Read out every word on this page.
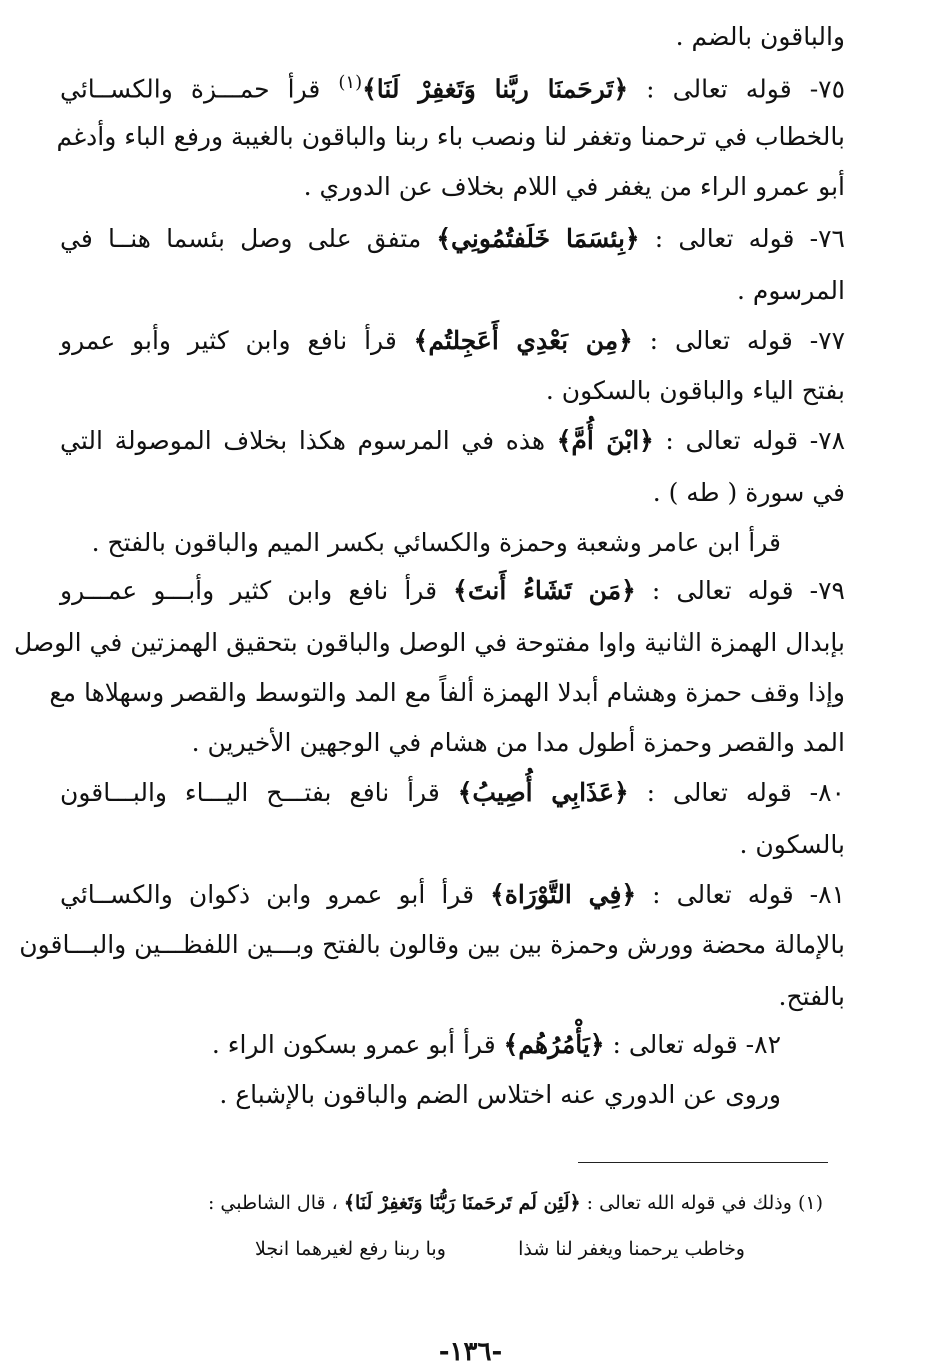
والباقون بالضم .
٧٥- قوله تعالى : ﴿تَرحَمنَا ربَّنا وَتَغفِرْ لَنَا﴾$^{(١)}$ قرأ حمـــزة والكســائي
بالخطاب في ترحمنا وتغفر لنا ونصب باء ربنا والباقون بالغيبة ورفع الباء وأدغم
أبو عمرو الراء من يغفر في اللام بخلاف عن الدوري .
٧٦- قوله تعالى : ﴿بِئسَمَا خَلَفتُمُونِي﴾ متفق على وصل بئسما هنــا في
المرسوم .
٧٧- قوله تعالى : ﴿مِن بَعْدِي أَعَجِلتُم﴾ قرأ نافع وابن كثير وأبو عمرو
بفتح الياء والباقون بالسكون .
٧٨- قوله تعالى : ﴿ابْنَ أُمَّ﴾ هذه في المرسوم هكذا بخلاف الموصولة التي
في سورة ( طه ) .
قرأ ابن عامر وشعبة وحمزة والكسائي بكسر الميم والباقون بالفتح .
٧٩- قوله تعالى : ﴿مَن تَشَاءُ أَنتَ﴾ قرأ نافع وابن كثير وأبـــو عمـــرو
بإبدال الهمزة الثانية واوا مفتوحة في الوصل والباقون بتحقيق الهمزتين في الوصل
وإذا وقف حمزة وهشام أبدلا الهمزة ألفاً مع المد والتوسط والقصر وسهلاها مع
المد والقصر وحمزة أطول مدا من هشام في الوجهين الأخيرين .
٨٠- قوله تعالى : ﴿عَذَابِي أُصِيبُ﴾ قرأ نافع بفتـــح اليـــاء والبـــاقون
بالسكون .
٨١- قوله تعالى : ﴿فِي التَّوْرَاة﴾ قرأ أبو عمرو وابن ذكوان والكســائي
بالإمالة محضة وورش وحمزة بين بين وقالون بالفتح وبـــين اللفظـــين والبـــاقون
بالفتح.
٨٢- قوله تعالى : ﴿يَأْمُرُهُم﴾ قرأ أبو عمرو بسكون الراء .
وروى عن الدوري عنه اختلاس الضم والباقون بالإشباع .
(١) وذلك في قوله الله تعالى : ﴿لَئِن لَم تَرحَمنَا رَبُّنَا وَتَغفِرْ لَنَا﴾ ، قال الشاطبي :
وخاطب يرحمنا ويغفر لنا شذا
وبا ربنا رفع لغيرهما انجلا
-١٣٦-
